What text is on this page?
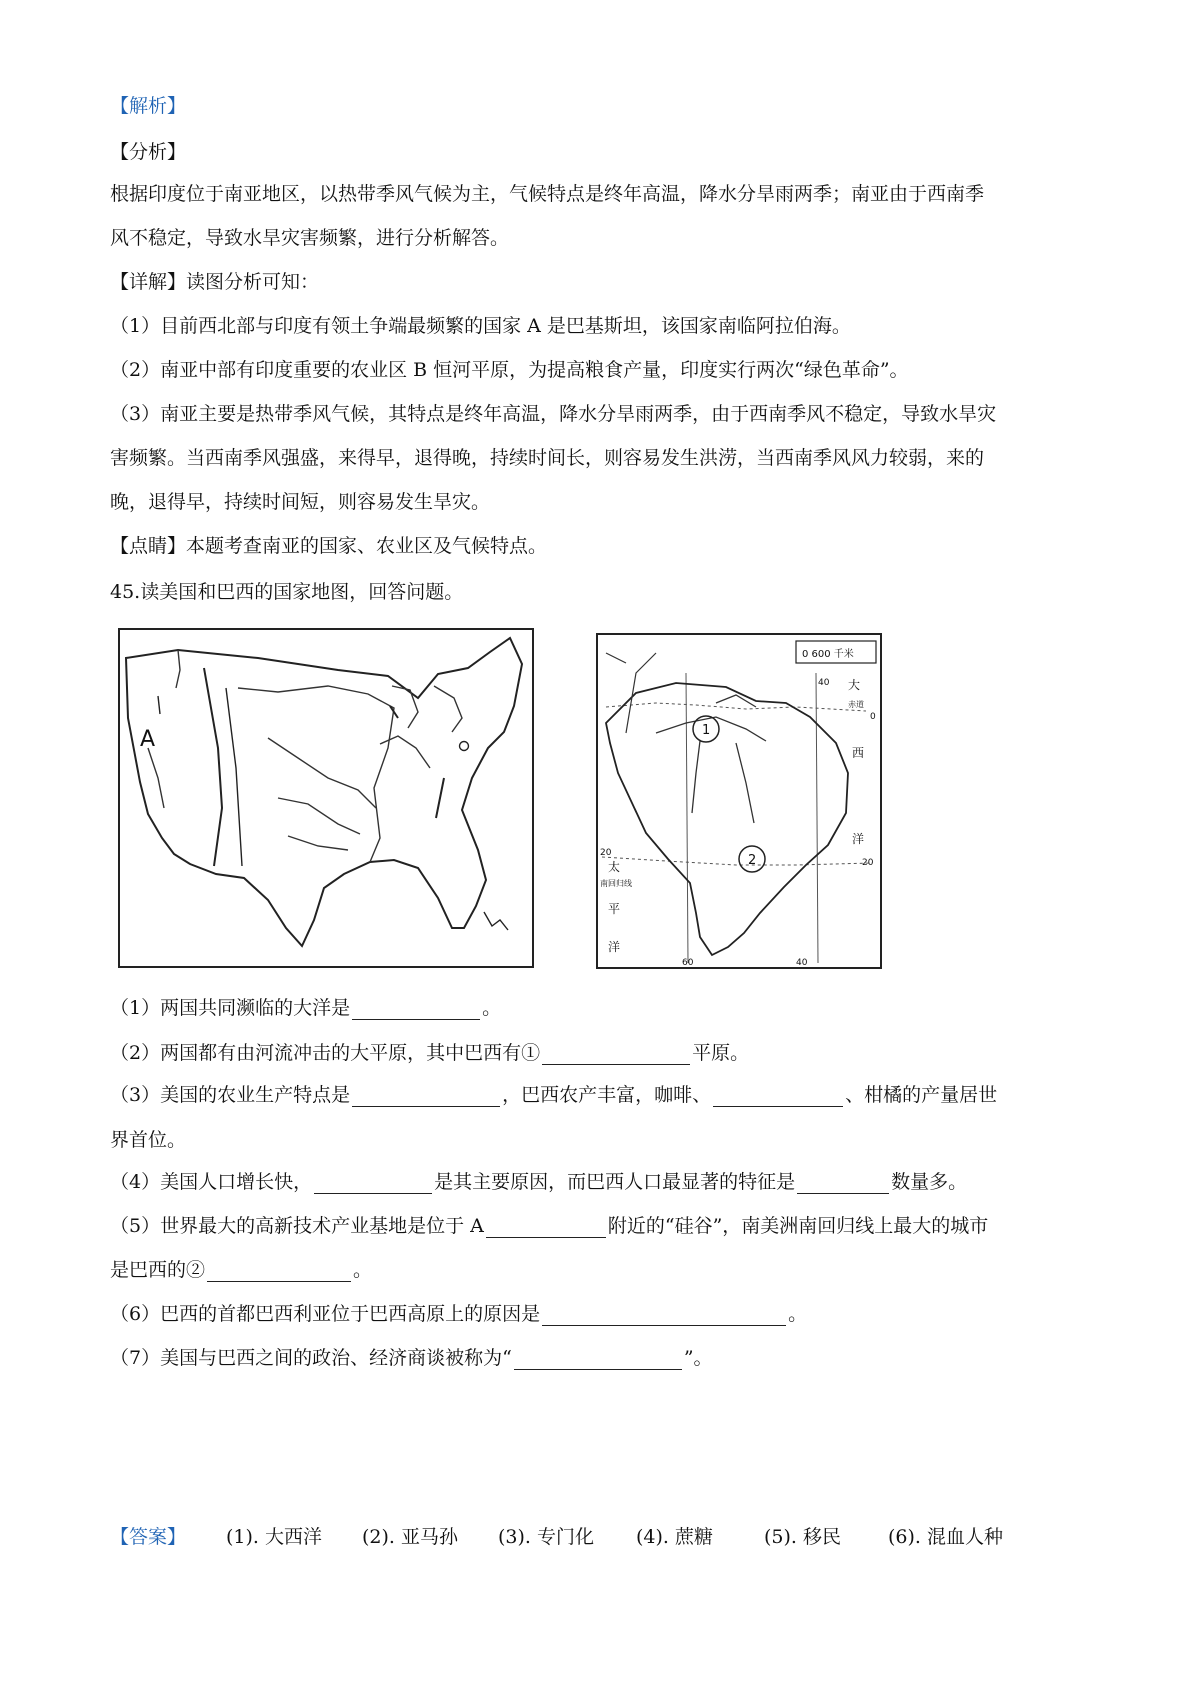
【解析】
【分析】
根据印度位于南亚地区，以热带季风气候为主，气候特点是终年高温，降水分旱雨两季；南亚由于西南季
风不稳定，导致水旱灾害频繁，进行分析解答。
【详解】读图分析可知：
（1）目前西北部与印度有领土争端最频繁的国家 A 是巴基斯坦，该国家南临阿拉伯海。
（2）南亚中部有印度重要的农业区 B 恒河平原，为提高粮食产量，印度实行两次“绿色革命”。
（3）南亚主要是热带季风气候，其特点是终年高温，降水分旱雨两季，由于西南季风不稳定，导致水旱灾
害频繁。当西南季风强盛，来得早，退得晚，持续时间长，则容易发生洪涝，当西南季风风力较弱，来的
晚，退得早，持续时间短，则容易发生旱灾。
【点睛】本题考查南亚的国家、农业区及气候特点。
45.读美国和巴西的国家地图，回答问题。
A
0 600 千米
1
2
40 大
赤道
0
西
洋
20
20
太
南回归线
平
洋
60	40
（1）两国共同濒临的大洋是	。
（2）两国都有由河流冲击的大平原，其中巴西有①	平原。
（3）美国的农业生产特点是	，巴西农产丰富，咖啡、	、柑橘的产量居世
界首位。
（4）美国人口增长快，	是其主要原因，而巴西人口最显著的特征是	数量多。
（5）世界最大的高新技术产业基地是位于 A	附近的“硅谷”，南美洲南回归线上最大的城市
是巴西的②	。
（6）巴西的首都巴西利亚位于巴西高原上的原因是	。
（7）美国与巴西之间的政治、经济商谈被称为“	”。
【答案】 (1). 大西洋 (2). 亚马孙 (3). 专门化 (4). 蔗糖	(5). 移民 (6). 混血人种
